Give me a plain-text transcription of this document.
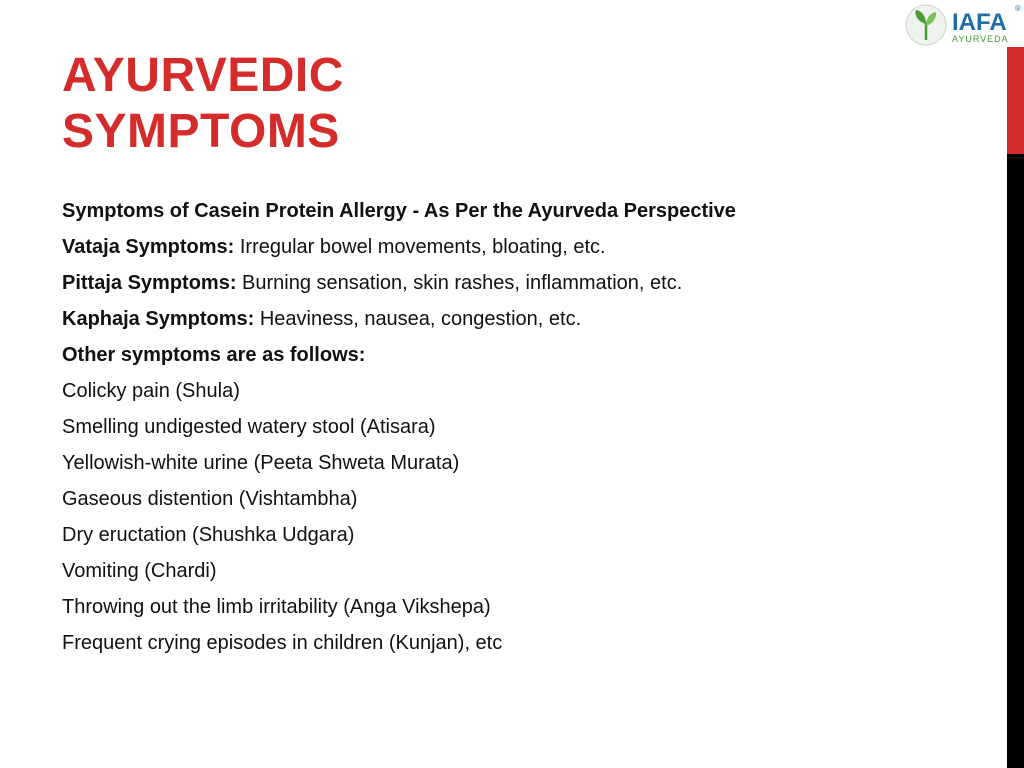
IAFA
AYURVEDA
®
AYURVEDIC
SYMPTOMS
Symptoms of Casein Protein Allergy - As Per the Ayurveda Perspective
Vataja Symptoms: Irregular bowel movements, bloating, etc.
Pittaja Symptoms: Burning sensation, skin rashes, inflammation, etc.
Kaphaja Symptoms: Heaviness, nausea, congestion, etc.
Other symptoms are as follows:
Colicky pain (Shula)
Smelling undigested watery stool (Atisara)
Yellowish-white urine (Peeta Shweta Murata)
Gaseous distention (Vishtambha)
Dry eructation (Shushka Udgara)
Vomiting (Chardi)
Throwing out the limb irritability (Anga Vikshepa)
Frequent crying episodes in children (Kunjan), etc
